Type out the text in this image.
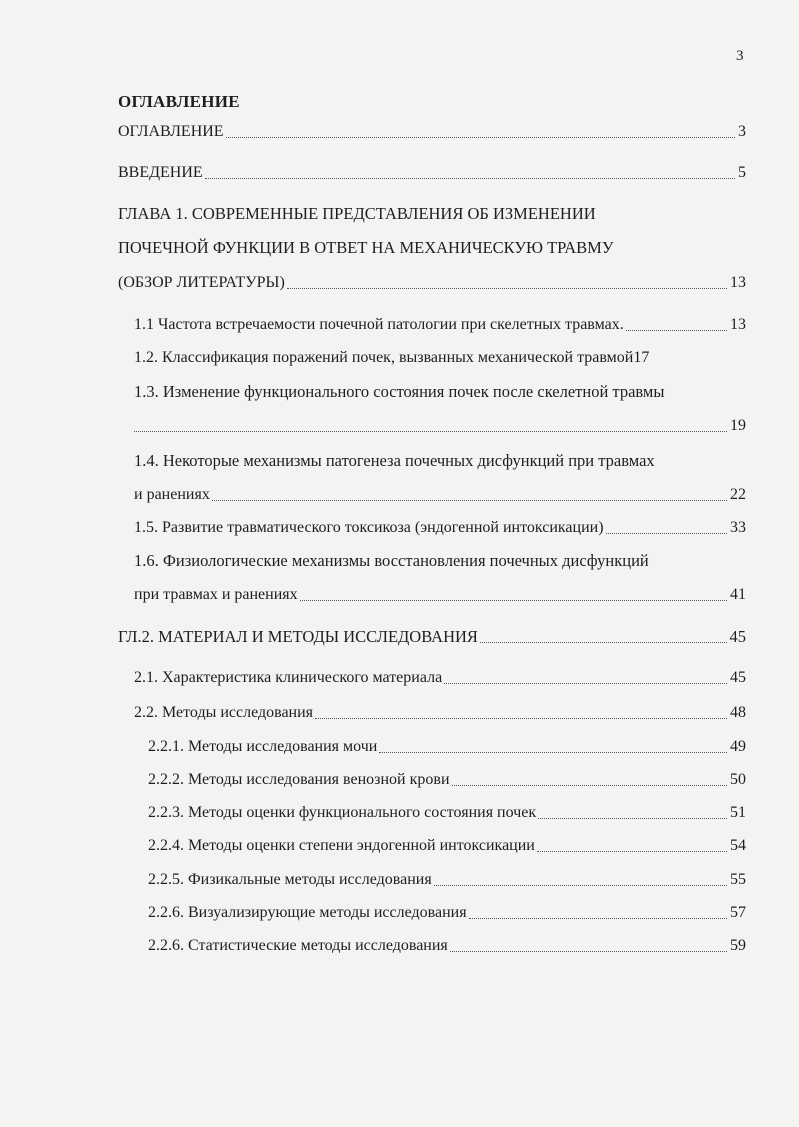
3
ОГЛАВЛЕНИЕ
ОГЛАВЛЕНИЕ	3
ВВЕДЕНИЕ	5
ГЛАВА 1. СОВРЕМЕННЫЕ ПРЕДСТАВЛЕНИЯ ОБ ИЗМЕНЕНИИ
ПОЧЕЧНОЙ ФУНКЦИИ В ОТВЕТ НА МЕХАНИЧЕСКУЮ ТРАВМУ
(ОБЗОР ЛИТЕРАТУРЫ)	13
1.1 Частота встречаемости почечной патологии при скелетных травмах.	13
1.2. Классификация поражений почек, вызванных механической травмой 17
1.3. Изменение функционального состояния почек после скелетной травмы
19
1.4. Некоторые механизмы патогенеза почечных дисфункций при травмах
и ранениях	22
1.5. Развитие травматического токсикоза (эндогенной интоксикации)	33
1.6. Физиологические механизмы восстановления почечных дисфункций
при травмах и ранениях	41
ГЛ.2. МАТЕРИАЛ И МЕТОДЫ ИССЛЕДОВАНИЯ	45
2.1. Характеристика клинического материала	45
2.2. Методы исследования	48
2.2.1. Методы исследования мочи	49
2.2.2. Методы исследования венозной крови	50
2.2.3. Методы оценки функционального состояния почек	51
2.2.4. Методы оценки степени эндогенной интоксикации	54
2.2.5. Физикальные методы исследования	55
2.2.6. Визуализирующие методы исследования	57
2.2.6. Статистические методы исследования	59
